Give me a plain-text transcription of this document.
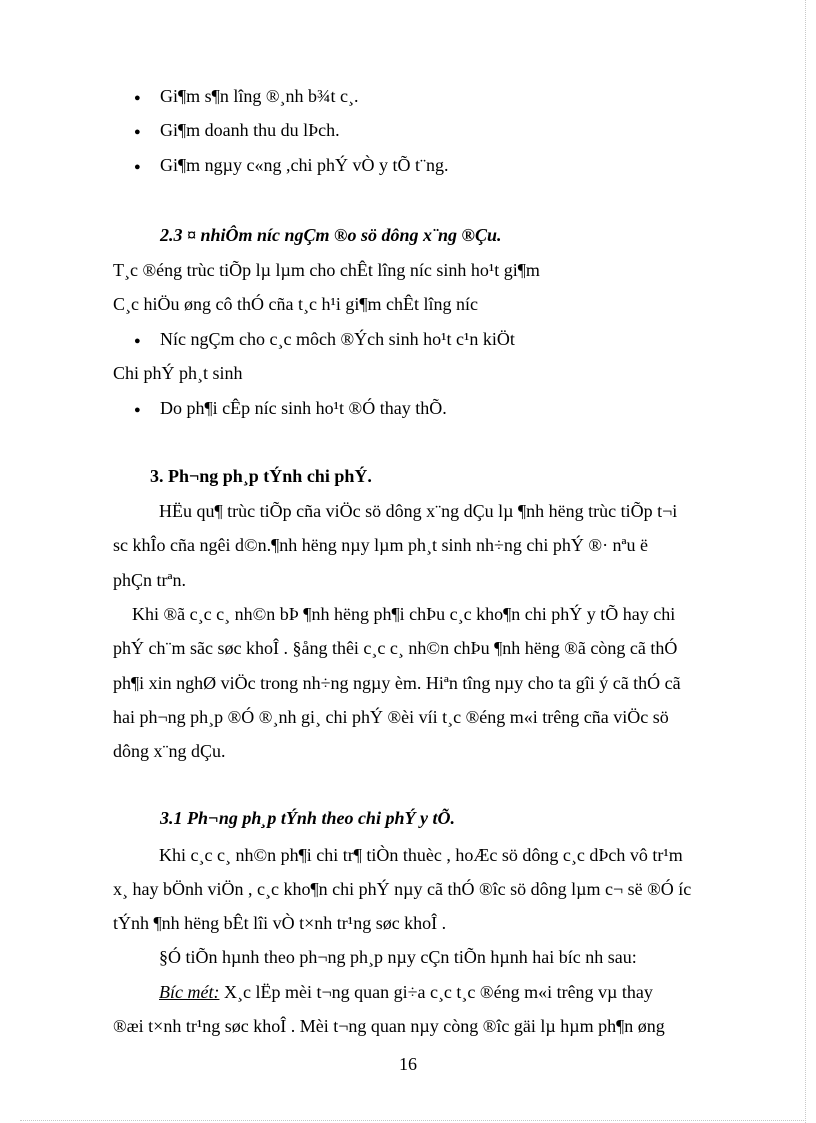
● Gi¶m s¶n lîng ®¸nh b¾t c¸.
● Gi¶m doanh thu du lÞch.
● Gi¶m ngµy c«ng ,chi phÝ vÒ y tÕ t¨ng.
2.3 ¤ nhiÔm níc ngÇm ®o sö dông x¨ng ®Çu.
T¸c ®éng trùc tiÕp lµ lµm cho chÊt lîng níc sinh ho¹t gi¶m
C¸c hiÖu øng cô thÓ cña t¸c h¹i gi¶m chÊt lîng níc
● Níc ngÇm cho c¸c môch ®Ých sinh ho¹t c¹n kiÖt
Chi phÝ ph¸t sinh
● Do ph¶i cÊp níc sinh ho¹t ®Ó thay thÕ.
3. Ph¬ng ph¸p tÝnh chi phÝ.
HËu qu¶ trùc tiÕp cña viÖc sö dông x¨ng dÇu lµ ¶nh hëng trùc tiÕp t¬i
sc khÎo cña ngêi d©n.¶nh hëng nµy lµm ph¸t sinh nh÷ng chi phÝ ®· nªu ë
phÇn trªn.
Khi ®ã c¸c c¸ nh©n bÞ ¶nh hëng ph¶i chÞu c¸c kho¶n chi phÝ y tÕ hay chi
phÝ ch¨m sãc søc khoÎ . §ång thêi c¸c c¸ nh©n chÞu ¶nh hëng ®ã còng cã thÓ
ph¶i xin nghØ viÖc trong nh÷ng ngµy èm. Hiªn tîng nµy cho ta gîi ý cã thÓ cã
hai ph¬ng ph¸p ®Ó ®¸nh gi¸ chi phÝ ®èi víi t¸c ®éng m«i trêng cña viÖc sö
dông x¨ng dÇu.
3.1 Ph¬ng ph¸p tÝnh theo chi phÝ y tÕ.
Khi c¸c c¸ nh©n ph¶i chi tr¶ tiÒn thuèc , hoÆc sö dông c¸c dÞch vô tr¹m
x¸ hay bÖnh viÖn , c¸c kho¶n chi phÝ nµy cã thÓ ®îc sö dông lµm c¬ së ®Ó íc
tÝnh ¶nh hëng bÊt lîi vÒ t×nh tr¹ng søc khoÎ .
§Ó tiÕn hµnh theo ph¬ng ph¸p nµy cÇn tiÕn hµnh hai bíc nh sau:
Bíc mét: X¸c lËp mèi t¬ng quan gi÷a c¸c t¸c ®éng m«i trêng vµ thay
®æi t×nh tr¹ng søc khoÎ . Mèi t¬ng quan nµy còng ®îc gäi lµ hµm ph¶n øng
16
